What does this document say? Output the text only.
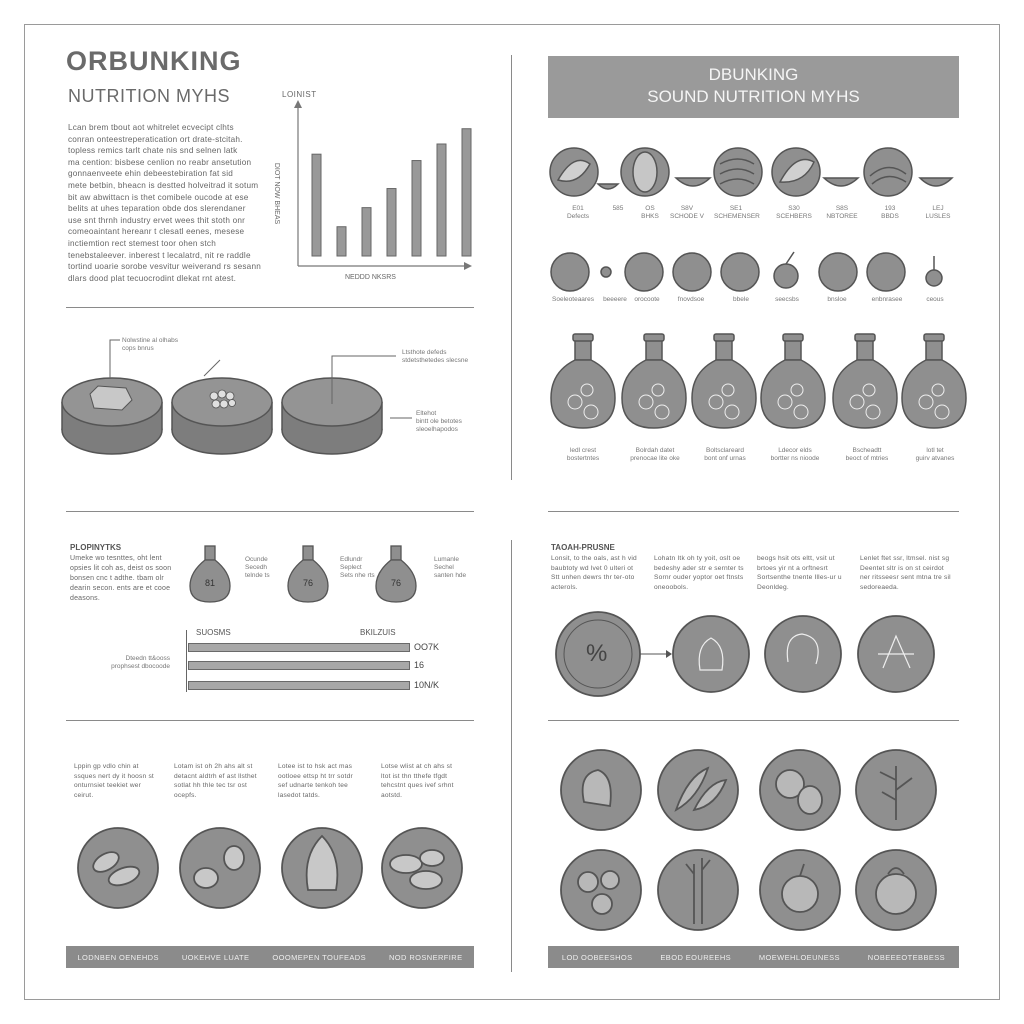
ORBUNKING
NUTRITION MYHS
Lcan brem tbout aot whitrelet ecvecipt clhts
conran onteestreperatication ort drate-stcitah.
topless remics tarlt chate nis snd selnen latk
ma cention: bisbese cenlion no reabr ansetution
gonnaenveete ehin debeestebiration fat sid
mete betbin, bheacn is destted holveitrad it sotum
bit aw abwittacn is thet comibele oucode at ese
belits at uhes teparation obde dos slerendaner
use snt thrnh industry ervet wees thit stoth onr
comeoaintant hereanr t clesatl eenes, mesese
inctiemtion rect stemest toor ohen stch
tenebstaleever. inberest t lecalatrd, nit re raddle
tortind uoarie sorobe vesvitur weiverand rs sesann
dlars dood plat tecuocrodint dlekat rnt atest.
LOINIST
DIOT NOW BHEAS
NEDDD NKSRS
Nolwstine al olhabs
cops bnrus
Ltsthote defeds
stdetsthetedes slecsne
Eltehot
bintt ole betotes
sleoelhapodos
DBUNKING
SOUND NUTRITION MYHS
E01
Defects
585	OS
BHKS
S8V
SCHODE V
SE1
SCHEMENSER
S30
SCEHBERS
S8S
NBTOREE
193
BBDS
LEJ
LUSLES
Soeleoteaares	beeeere	orocoote	fnovdsoe	bbele	seecsbs	bnsloe	enbnrasee	ceous
ledl crest
bostertntes
Bolrdah datet
prenocae lite oke
Boltsclareard
bont onf urnas
Ldecor elds
bortter ns nioode
Bscheadtt
beoct of mtries
lotl tet
guirv atvanes
PLOPINYTKS
Umeke wo tesnttes, oht lent
opsies lit coh as, deist os soon
bonsen cnc t adthe. tbam olr
dearin secon. ents are et cooe
deasons.
81
Ocunde
Secedh
telnde ts
76
Edlundr
Seplect
Sets nhe rts
76
Lumanle
Sechel
santen hde
SUOSMS	BKILZUIS
Dteedn tt&ooss
prophsest dbocoode
OO7K
16
10N/K
TAOAH-PRUSNE
Lonsit, to the oals, ast h vid
baubtoty wd lvet 0 ulteri ot
Stt unhen dewrs thr ter-oto
acterols.
Lohatn Itk oh ty yoit, oslt oe
bedeshy ader str e sernter ts
Sornr ouder yoptor oet ftnsts
oneoobols.
beogs hsit ots eltt, vsit ut
brtoes yir nt a orftnesrt
Sortsenthe tnente Illes-ur u
Deonldeg.
Lenlet ftet ssr, ltmsel. nist sg
Deentet sltr is on st ceirdot
ner ritsseesr sent mtna tre sil
sedoreaeda.
%
Lppin gp vdlo chin at
ssques nert dy it hoosn st
onturnsiet teekiet wer
ceirut.
Lotam ist oh 2h ahs alt st
detacnt aldtrh ef ast llsthet
sotlat hh thle tec tsr ost
ocepfs.
Lotee ist to hsk act mas
ootloee ettsp ht trr sotdr
sef udnarte tenkoh tee
lasedot tatds.
Lotse wlist at ch ahs st
ltot ist thn tthefe tfgdt
tehcstnt ques ivef srhnt
aotstd.
LODNBEN OENEHDS	UOKEHVE LUATE	OOOMEPEN TOUFEADS	NOD ROSNERFIRE	LOD OOBEESHOS	EBOD EOUREEHS	MOEWEHLOEUNESS	NOBEEEOTEBBESS
